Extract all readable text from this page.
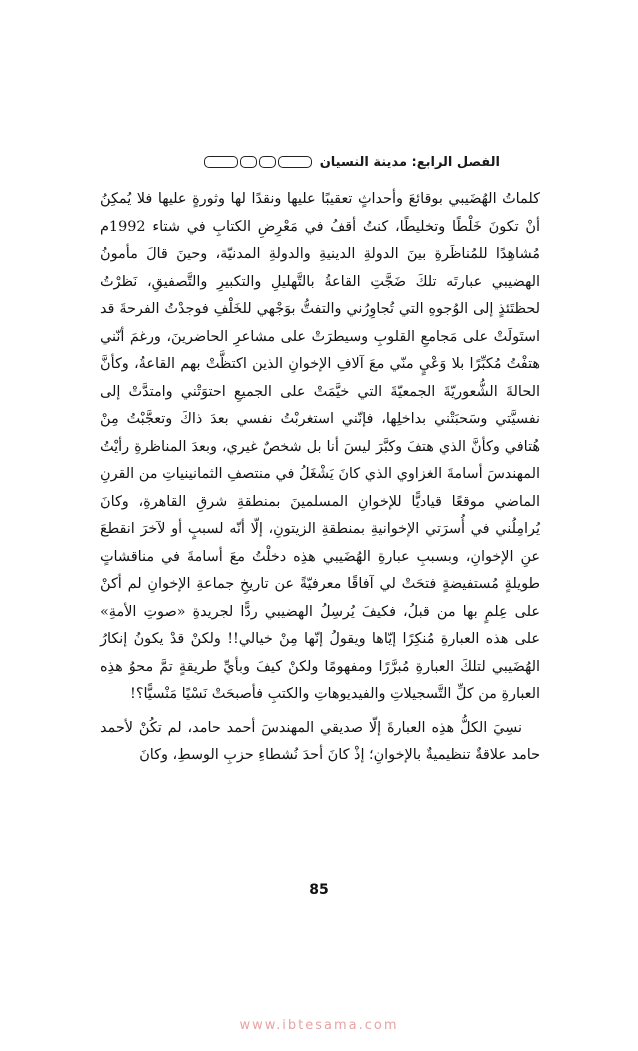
الفصل الرابع: مدينة النسيان

كلماتُ الهُضَيبي بوقائعَ وأحداثٍ تعقيبًا عليها ونقدًا لها وثورةٍ عليها فلا يُمكِنُ أنْ تكونَ خَلْطًا وتخليطًا، كنتُ أقفُ في مَعْرِضِ الكتابِ في شتاء 1992م مُشاهِدًا للمُناظَرةِ بينَ الدولةِ الدينيةِ والدولةِ المدنيّة، وحينَ قالَ مأمونُ الهضيبي عبارتَه تلكَ ضَجَّتِ القاعةُ بالتَّهليلِ والتكبيرِ والتَّصفيقِ، نَظرْتُ لحظتَئذٍ إلى الوُجوهِ التي تُجاوِرُني والتفتُّ بوَجْهي للخَلْفِ فوجدْتُ الفرحةَ قد استَولَتْ على مَجامعِ القلوبِ وسيطرَتْ على مشاعرِ الحاضرينَ، ورغمَ أنّني هتفْتُ مُكبِّرًا بلا وَعْيٍ منّي معَ آلافِ الإخوانِ الذين اكتظَّتْ بهم القاعةُ، وكأنَّ الحالةَ الشُّعوريّةَ الجمعيّةَ التي خيَّمَتْ على الجميعِ احتوَتْني وامتدَّتْ إلى نفسيَّتي وسَحبَتْني بداخلِها، فإنّني استغربْتُ نفسي بعدَ ذاكَ وتعجَّبْتُ مِنْ هُتافي وكأنَّ الذي هتفَ وكبَّرَ ليسَ أنا بل شخصٌ غيري، وبعدَ المناظرةِ رأيْتُ المهندسَ أسامةَ الغزاوي الذي كانَ يَشْغَلُ في منتصفِ الثمانينياتِ من القرنِ الماضي موقعًا قياديًّا للإخوانِ المسلمينَ بمنطقةِ شرقِ القاهرةِ، وكانَ يُرامِلُني في أُسرَتي الإخوانيةِ بمنطقةِ الزيتونِ، إلّا أنّه لسببٍ أو لآخرَ انقطعَ عنِ الإخوانِ، وبسببِ عبارةِ الهُضَيبي هذِه دخلْتُ معَ أسامةَ في مناقشاتٍ طويلةٍ مُستفيضةٍ فتحَتْ لي آفاقًا معرفيّةً عن تاريخِ جماعةِ الإخوانِ لم أكنْ على عِلمٍ بها من قبلُ، فكيفَ يُرسِلُ الهضيبي ردًّا لجريدةِ «صوتِ الأمةِ» على هذه العبارةِ مُنكِرًا إيّاها ويقولُ إنّها مِنْ خيالي!! ولكنْ قدْ يكونُ إنكارُ الهُضَيبي لتلكَ العبارةِ مُبرَّرًا ومفهومًا ولكنْ كيفَ وبأيِّ طريقةٍ تمَّ محوُ هذِه العبارةِ من كلِّ التَّسجيلاتِ والفيديوهاتِ والكتبِ فأصبحَتْ نَسْيًا مَنْسيًّا؟!

نسِيَ الكلُّ هذِه العبارةَ إلّا صديقي المهندسَ أحمد حامد، لم تكُنْ لأحمد حامد علاقةٌ تنظيميةٌ بالإخوانِ؛ إذْ كانَ أحدَ نُشطاءِ حزبِ الوسطِ، وكانَ

85
www.ibtesama.com
